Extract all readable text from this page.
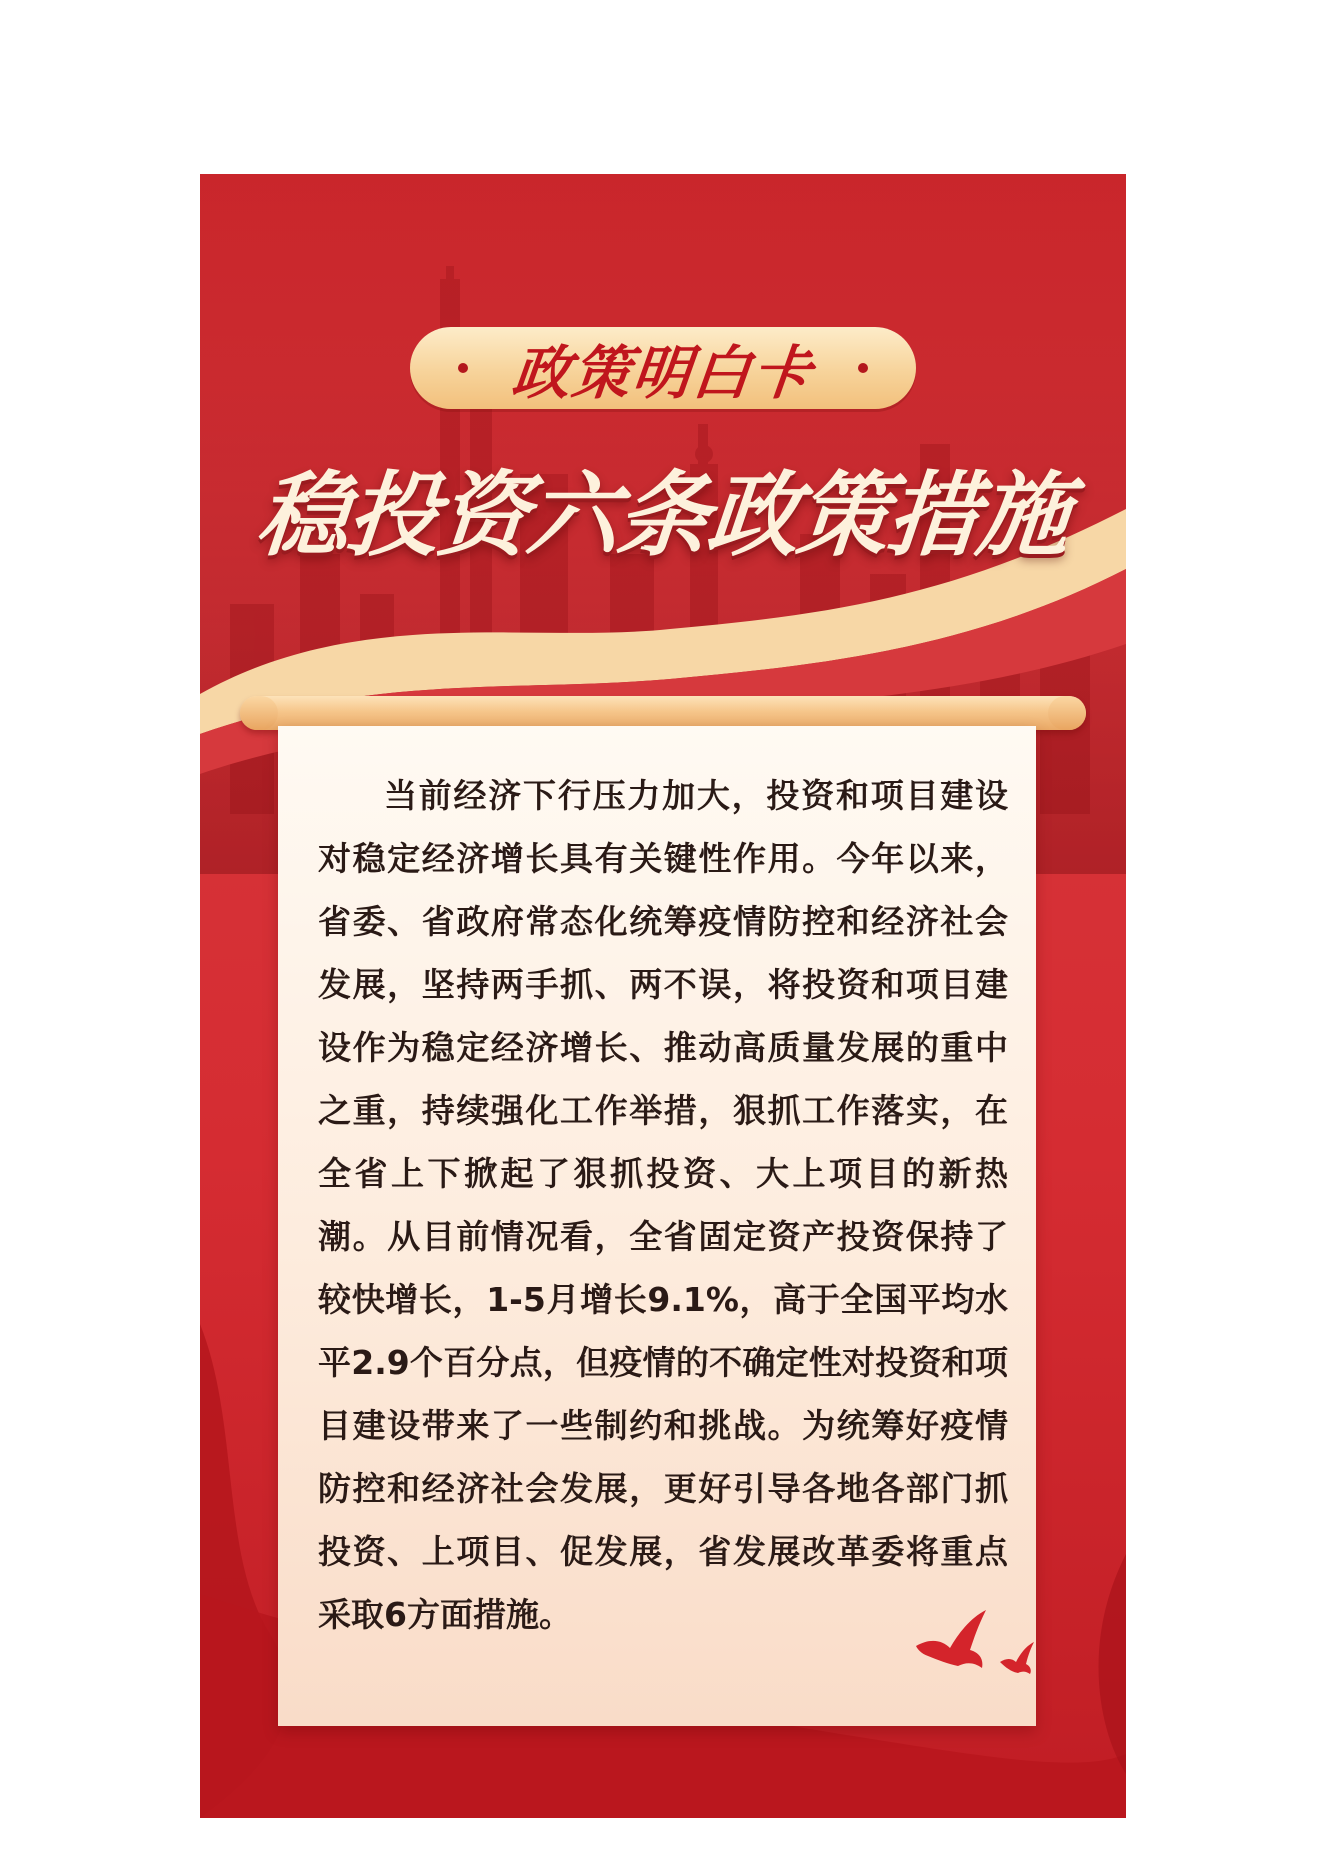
政策明白卡
稳投资六条政策措施

当前经济下行压力加大，投资和项目建设对稳定经济增长具有关键性作用。今年以来，省委、省政府常态化统筹疫情防控和经济社会发展，坚持两手抓、两不误，将投资和项目建设作为稳定经济增长、推动高质量发展的重中之重，持续强化工作举措，狠抓工作落实，在全省上下掀起了狠抓投资、大上项目的新热潮。从目前情况看，全省固定资产投资保持了较快增长，1-5月增长9.1%，高于全国平均水平2.9个百分点，但疫情的不确定性对投资和项目建设带来了一些制约和挑战。为统筹好疫情防控和经济社会发展，更好引导各地各部门抓投资、上项目、促发展，省发展改革委将重点采取6方面措施。
